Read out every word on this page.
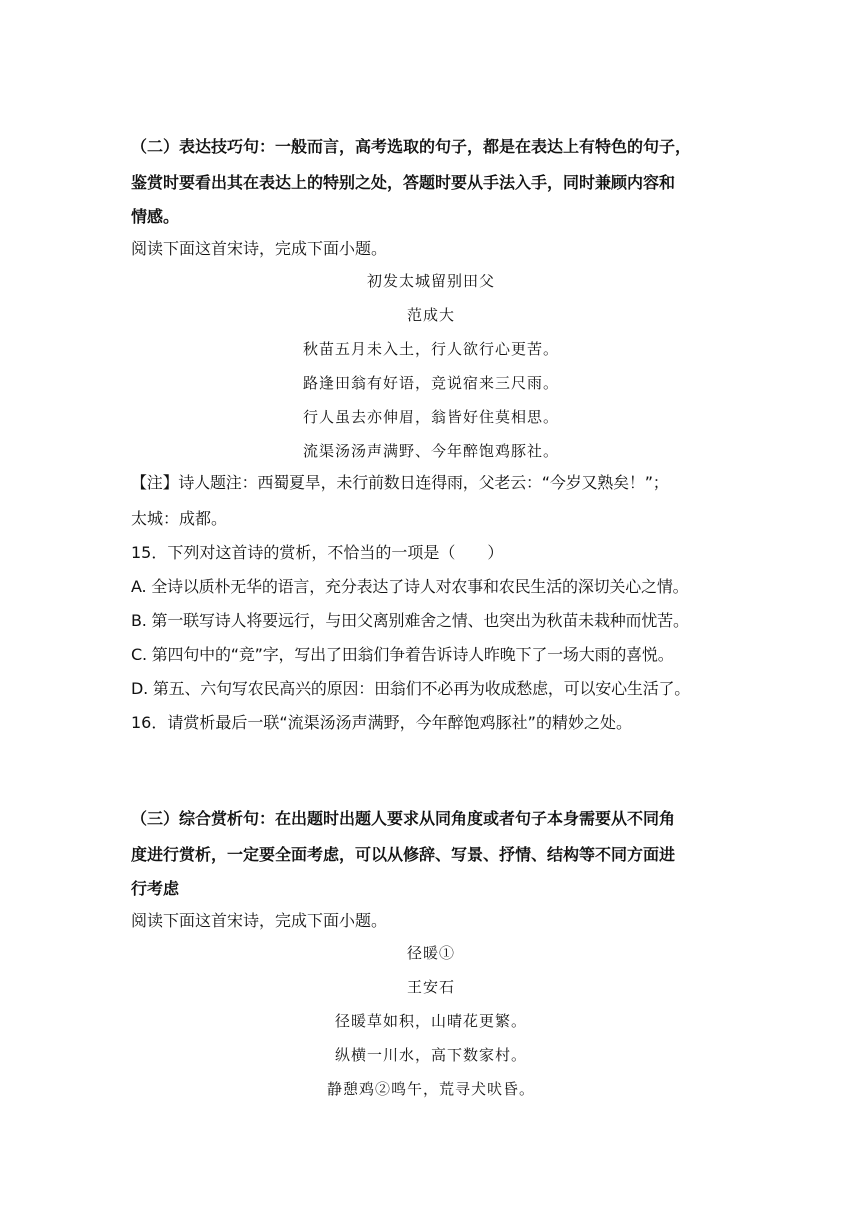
（二）表达技巧句：一般而言，高考选取的句子，都是在表达上有特色的句子，
鉴赏时要看出其在表达上的特别之处，答题时要从手法入手，同时兼顾内容和
情感。
阅读下面这首宋诗，完成下面小题。
初发太城留别田父
范成大
秋苗五月未入土，行人欲行心更苦。
路逢田翁有好语，竞说宿来三尺雨。
行人虽去亦伸眉，翁皆好住莫相思。
流渠汤汤声满野、今年醉饱鸡豚社。
【注】诗人题注：西蜀夏旱，未行前数日连得雨，父老云：“今岁又熟矣！”；
太城：成都。
15．下列对这首诗的赏析，不恰当的一项是（　　）
A. 全诗以质朴无华的语言，充分表达了诗人对农事和农民生活的深切关心之情。
B. 第一联写诗人将要远行，与田父离别难舍之情、也突出为秋苗未栽种而忧苦。
C. 第四句中的“竞”字，写出了田翁们争着告诉诗人昨晚下了一场大雨的喜悦。
D. 第五、六句写农民高兴的原因：田翁们不必再为收成愁虑，可以安心生活了。
16．请赏析最后一联“流渠汤汤声满野，今年醉饱鸡豚社”的精妙之处。
（三）综合赏析句：在出题时出题人要求从同角度或者句子本身需要从不同角
度进行赏析，一定要全面考虑，可以从修辞、写景、抒情、结构等不同方面进
行考虑
阅读下面这首宋诗，完成下面小题。
径暖①
王安石
径暖草如积，山晴花更繁。
纵横一川水，高下数家村。
静憩鸡②鸣午，荒寻犬吠昏。
